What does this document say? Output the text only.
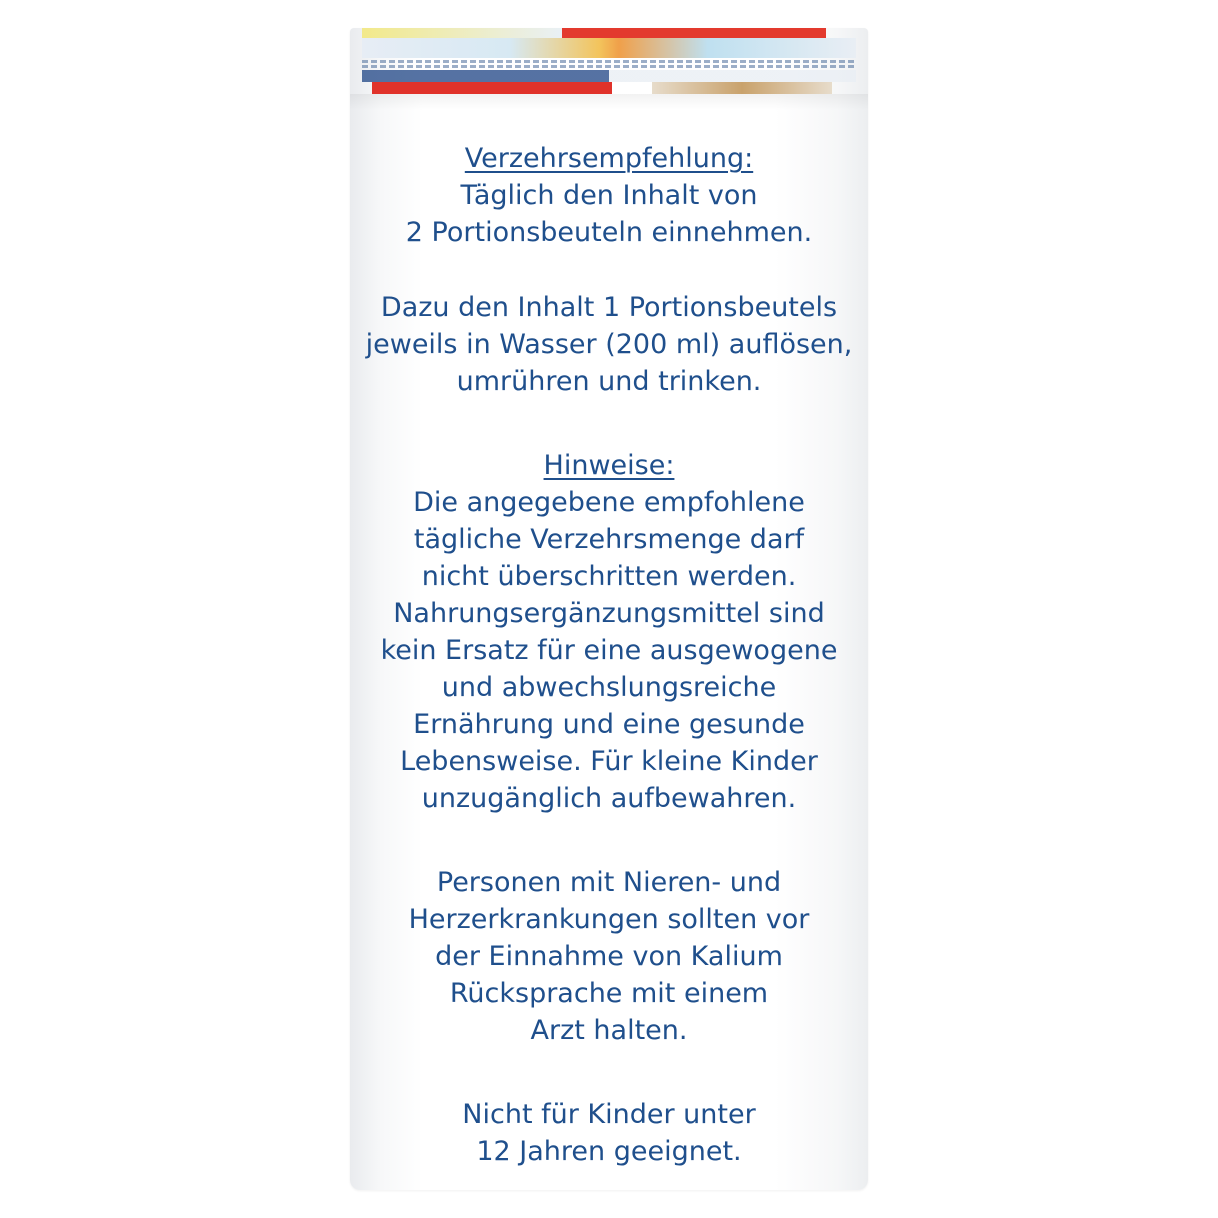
Verzehrsempfehlung:
Täglich den Inhalt von
2 Portionsbeuteln einnehmen.
Dazu den Inhalt 1 Portionsbeutels
jeweils in Wasser (200 ml) auflösen,
umrühren und trinken.
Hinweise:
Die angegebene empfohlene
tägliche Verzehrsmenge darf
nicht überschritten werden.
Nahrungsergänzungsmittel sind
kein Ersatz für eine ausgewogene
und abwechslungsreiche
Ernährung und eine gesunde
Lebensweise. Für kleine Kinder
unzugänglich aufbewahren.
Personen mit Nieren- und
Herzerkrankungen sollten vor
der Einnahme von Kalium
Rücksprache mit einem
Arzt halten.
Nicht für Kinder unter
12 Jahren geeignet.
